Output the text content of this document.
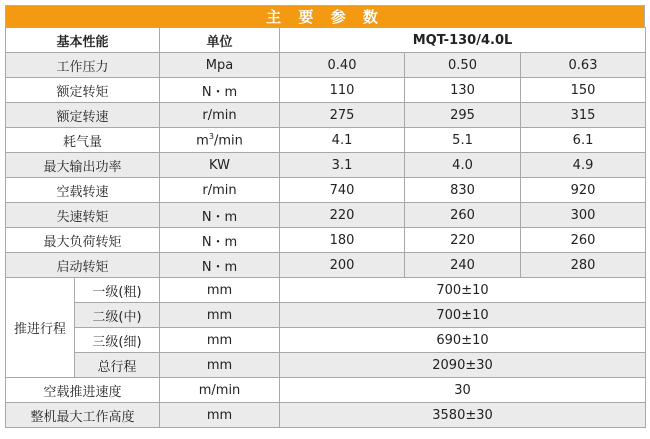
主 要 参 数
基本性能		单位	MQT-130/4.0L		
工作压力		Mpa	0.40	0.50	0.63
额定转矩		N・m	110	130	150
额定转速		r/min	275	295	315
耗气量		$m^3/\min$	4.1	5.1	6.1
最大输出功率		KW	3.1	4.0	4.9
空载转速		r/min	740	830	920
失速转矩		N・m	220	260	300
最大负荷转矩		N・m	180	220	260
启动转矩		N・m	200	240	280
推进行程	一级(粗)	mm	700±10		
	二级(中)	mm	700±10		
	三级(细)	mm	690±10		
	总行程	mm	2090±30		
空载推进速度		m/min	30		
整机最大工作高度		mm	3580±30		
